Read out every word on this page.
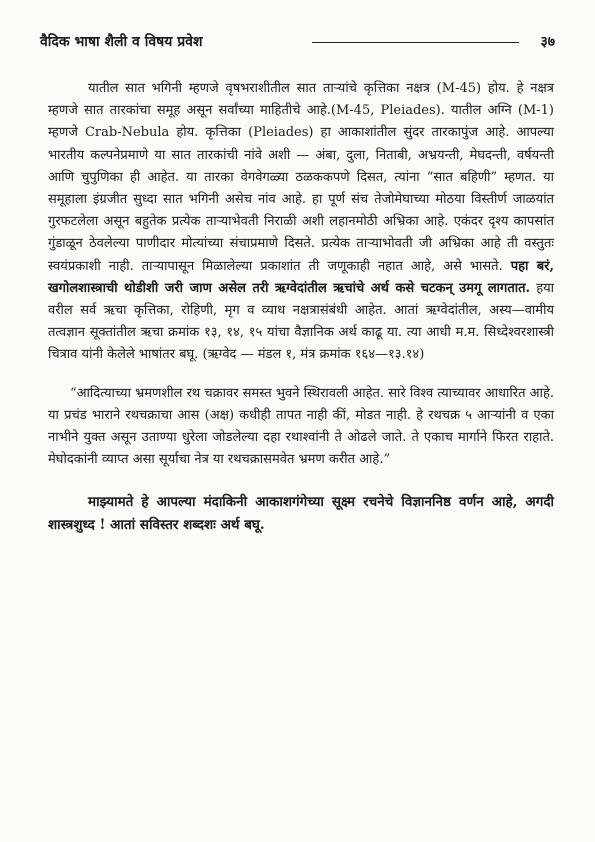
वैदिक भाषा शैली व विषय प्रवेश	३७

यातील सात भगिनी म्हणजे वृषभराशीतील सात ताऱ्यांचे कृत्तिका नक्षत्र (M-45) होय. हे नक्षत्र म्हणजे सात तारकांचा समूह असून सर्वांच्या माहितीचे आहे.(M-45, Pleiades). यातील अग्नि (M-1) म्हणजे Crab-Nebula होय. कृत्तिका (Pleiades) हा आकाशांतील सुंदर तारकापुंज आहे. आपल्या भारतीय कल्पनेप्रमाणे या सात तारकांची नांवे अशी — अंबा, दुला, निताबी, अभ्रयन्ती, मेघदन्ती, वर्षयन्ती आणि चुपुणिका ही आहेत. या तारका वेगवेगळ्या ठळककपणे दिसत, त्यांना “सात बहिणी” म्हणत. या समूहाला इंग्रजीत सुध्दा सात भगिनी असेच नांव आहे. हा पूर्ण संच तेजोमेघाच्या मोठया विस्तीर्ण जाळयांत गुरफटलेला असून बहुतेक प्रत्येक ताऱ्याभेवती निराळी अशी लहानमोठी अभ्रिका आहे. एकंदर दृश्य कापसांत गुंडाळून ठेवलेल्या पाणीदार मोत्यांच्या संचाप्रमाणे दिसते. प्रत्येक ताऱ्याभोवती जी अभ्रिका आहे ती वस्तुतः स्वयंप्रकाशी नाही. ताऱ्यापासून मिळालेल्या प्रकाशांत ती जणूकाही नहात आहे, असे भासते. पहा बरं, खगोलशास्त्राची थोडीशी जरी जाण असेल तरी ऋग्वेदांतील ऋचांचे अर्थ कसे चटकन् उमगू लागतात. हया वरील सर्व ऋचा कृत्तिका, रोहिणी, मृग व व्याध नक्षत्रासंबंधी आहेत. आतां ऋग्वेदांतील, अस्य—वामीय तत्वज्ञान सूक्तांतील ऋचा क्रमांक १३, १४, १५ यांचा वैज्ञानिक अर्थ काढू या. त्या आधी म.म. सिध्देश्वरशास्त्री चित्राव यांनी केलेले भाषांतर बघू. (ऋग्वेद — मंडल १, मंत्र क्रमांक १६४—१३.१४)

“आदित्याच्या भ्रमणशील रथ चक्रावर समस्त भुवने स्थिरावली आहेत. सारे विश्व त्याच्यावर आधारित आहे. या प्रचंड भाराने रथचक्राचा आस (अक्ष) कधीही तापत नाही कीं, मोडत नाही. हे रथचक्र ५ आऱ्यांनी व एका नाभीने युक्त असून उताण्या धुरेला जोडलेल्या दहा रथाश्वांनी ते ओढले जाते. ते एकाच मार्गाने फिरत राहाते. मेघोदकांनी व्याप्त असा सूर्याचा नेत्र या रथचक्रासमवेत भ्रमण करीत आहे.”

माझ्यामते हे आपल्या मंदाकिनी आकाशगंगेच्या सूक्ष्म रचनेचे विज्ञाननिष्ठ वर्णन आहे, अगदी शास्त्रशुध्द ! आतां सविस्तर शब्दशः अर्थ बघू.
